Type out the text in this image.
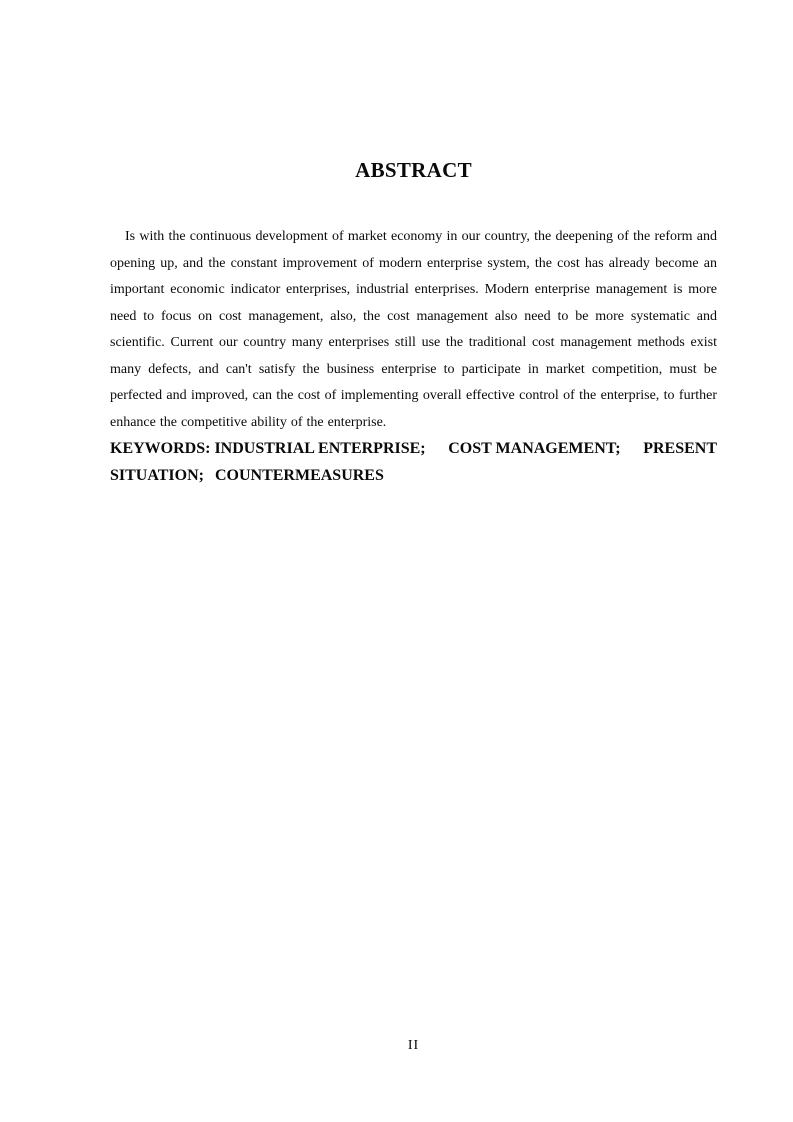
ABSTRACT
Is with the continuous development of market economy in our country, the deepening of the reform and
opening up, and the constant improvement of modern enterprise system, the cost has already become an
important economic indicator enterprises, industrial enterprises. Modern enterprise management is more
need to focus on cost management, also, the cost management also need to be more systematic and
scientific. Current our country many enterprises still use the traditional cost management methods exist
many defects, and can't satisfy the business enterprise to participate in market competition, must be
perfected and improved, can the cost of implementing overall effective control of the enterprise, to further
enhance the competitive ability of the enterprise.
KEYWORDS: INDUSTRIAL ENTERPRISE; COST MANAGEMENT; PRESENT
SITUATION; COUNTERMEASURES
II
